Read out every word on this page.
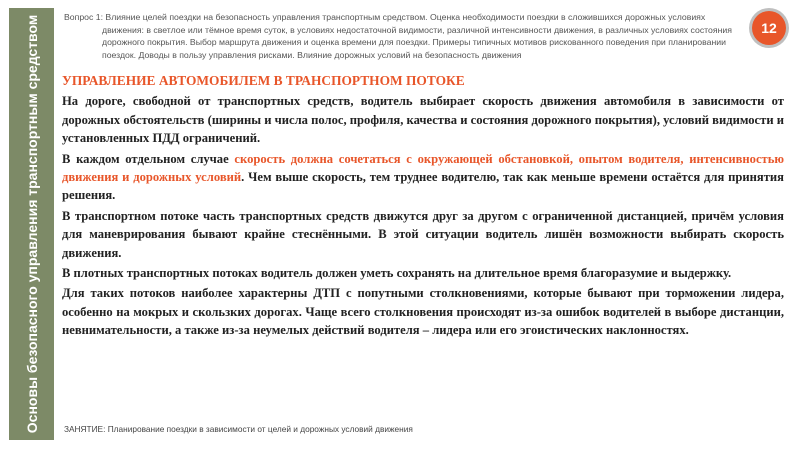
Основы безопасного управления транспортным средством	Вопрос 1: Влияние целей поездки на безопасность управления транспортным средством. Оценка необходимости поездки в сложившихся дорожных условиях движения: в светлое или тёмное время суток, в условиях недостаточной видимости, различной интенсивности движения, в различных условиях состояния дорожного покрытия. Выбор маршрута движения и оценка времени для поездки. Примеры типичных мотивов рискованного поведения при планировании поездок. Доводы в пользу управления рисками. Влияние дорожных условий на безопасность движения
12
УПРАВЛЕНИЕ АВТОМОБИЛЕМ В ТРАНСПОРТНОМ ПОТОКЕ

На дороге, свободной от транспортных средств, водитель выбирает скорость движения автомобиля в зависимости от дорожных обстоятельств (ширины и числа полос, профиля, качества и состояния дорожного покрытия), условий видимости и установленных ПДД ограничений.

В каждом отдельном случае скорость должна сочетаться с окружающей обстановкой, опытом водителя, интенсивностью движения и дорожных условий. Чем выше скорость, тем труднее водителю, так как меньше времени остаётся для принятия решения.

В транспортном потоке часть транспортных средств движутся друг за другом с ограниченной дистанцией, причём условия для маневрирования бывают крайне стеснёнными. В этой ситуации водитель лишён возможности выбирать скорость движения.

В плотных транспортных потоках водитель должен уметь сохранять на длительное время благоразумие и выдержку.

Для таких потоков наиболее характерны ДТП с попутными столкновениями, которые бывают при торможении лидера, особенно на мокрых и скользких дорогах. Чаще всего столкновения происходят из-за ошибок водителей в выборе дистанции, невнимательности, а также из-за неумелых действий водителя – лидера или его эгоистических наклонностях.

ЗАНЯТИЕ: Планирование поездки в зависимости от целей и дорожных условий движения
